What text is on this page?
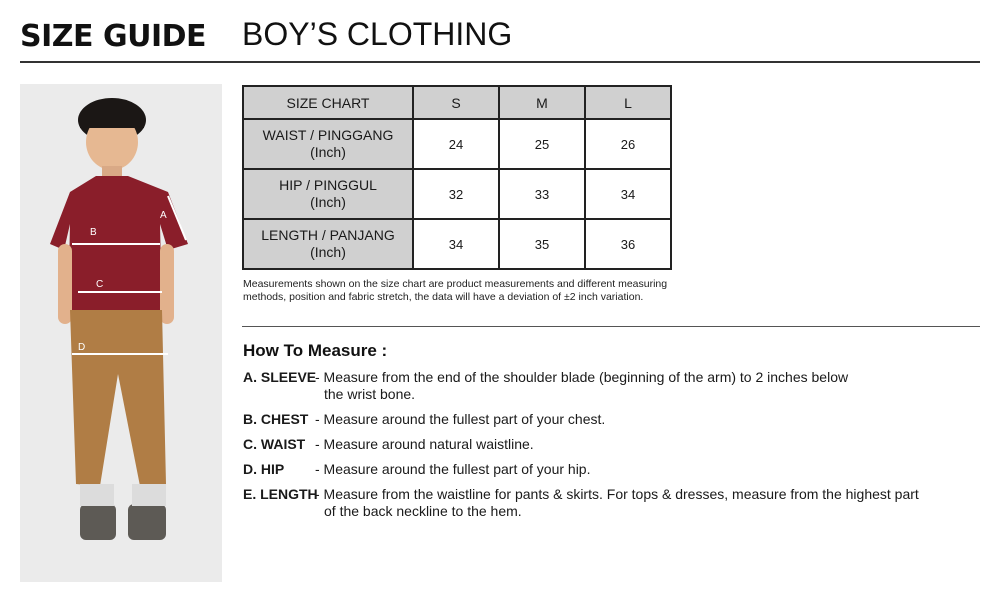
SIZE GUIDE BOY’S CLOTHING
A
B
C
D
SIZE CHART	S	M	L

WAIST / PINGGANG
(Inch)	24	25	26

HIP / PINGGUL
(Inch)	32	33	34

LENGTH / PANJANG
(Inch)	34	35	36
Measurements shown on the size chart are product measurements and different measuring
methods, position and fabric stretch, the data will have a deviation of ±2 inch variation.
How To Measure :
A. SLEEVE
- Measure from the end of the shoulder blade (beginning of the arm) to 2 inches below
the wrist bone.
B. CHEST - Measure around the fullest part of your chest.
C. WAIST - Measure around natural waistline.
D. HIP - Measure around the fullest part of your hip.
E. LENGTH
- Measure from the waistline for pants & skirts. For tops & dresses, measure from the highest part
of the back neckline to the hem.
